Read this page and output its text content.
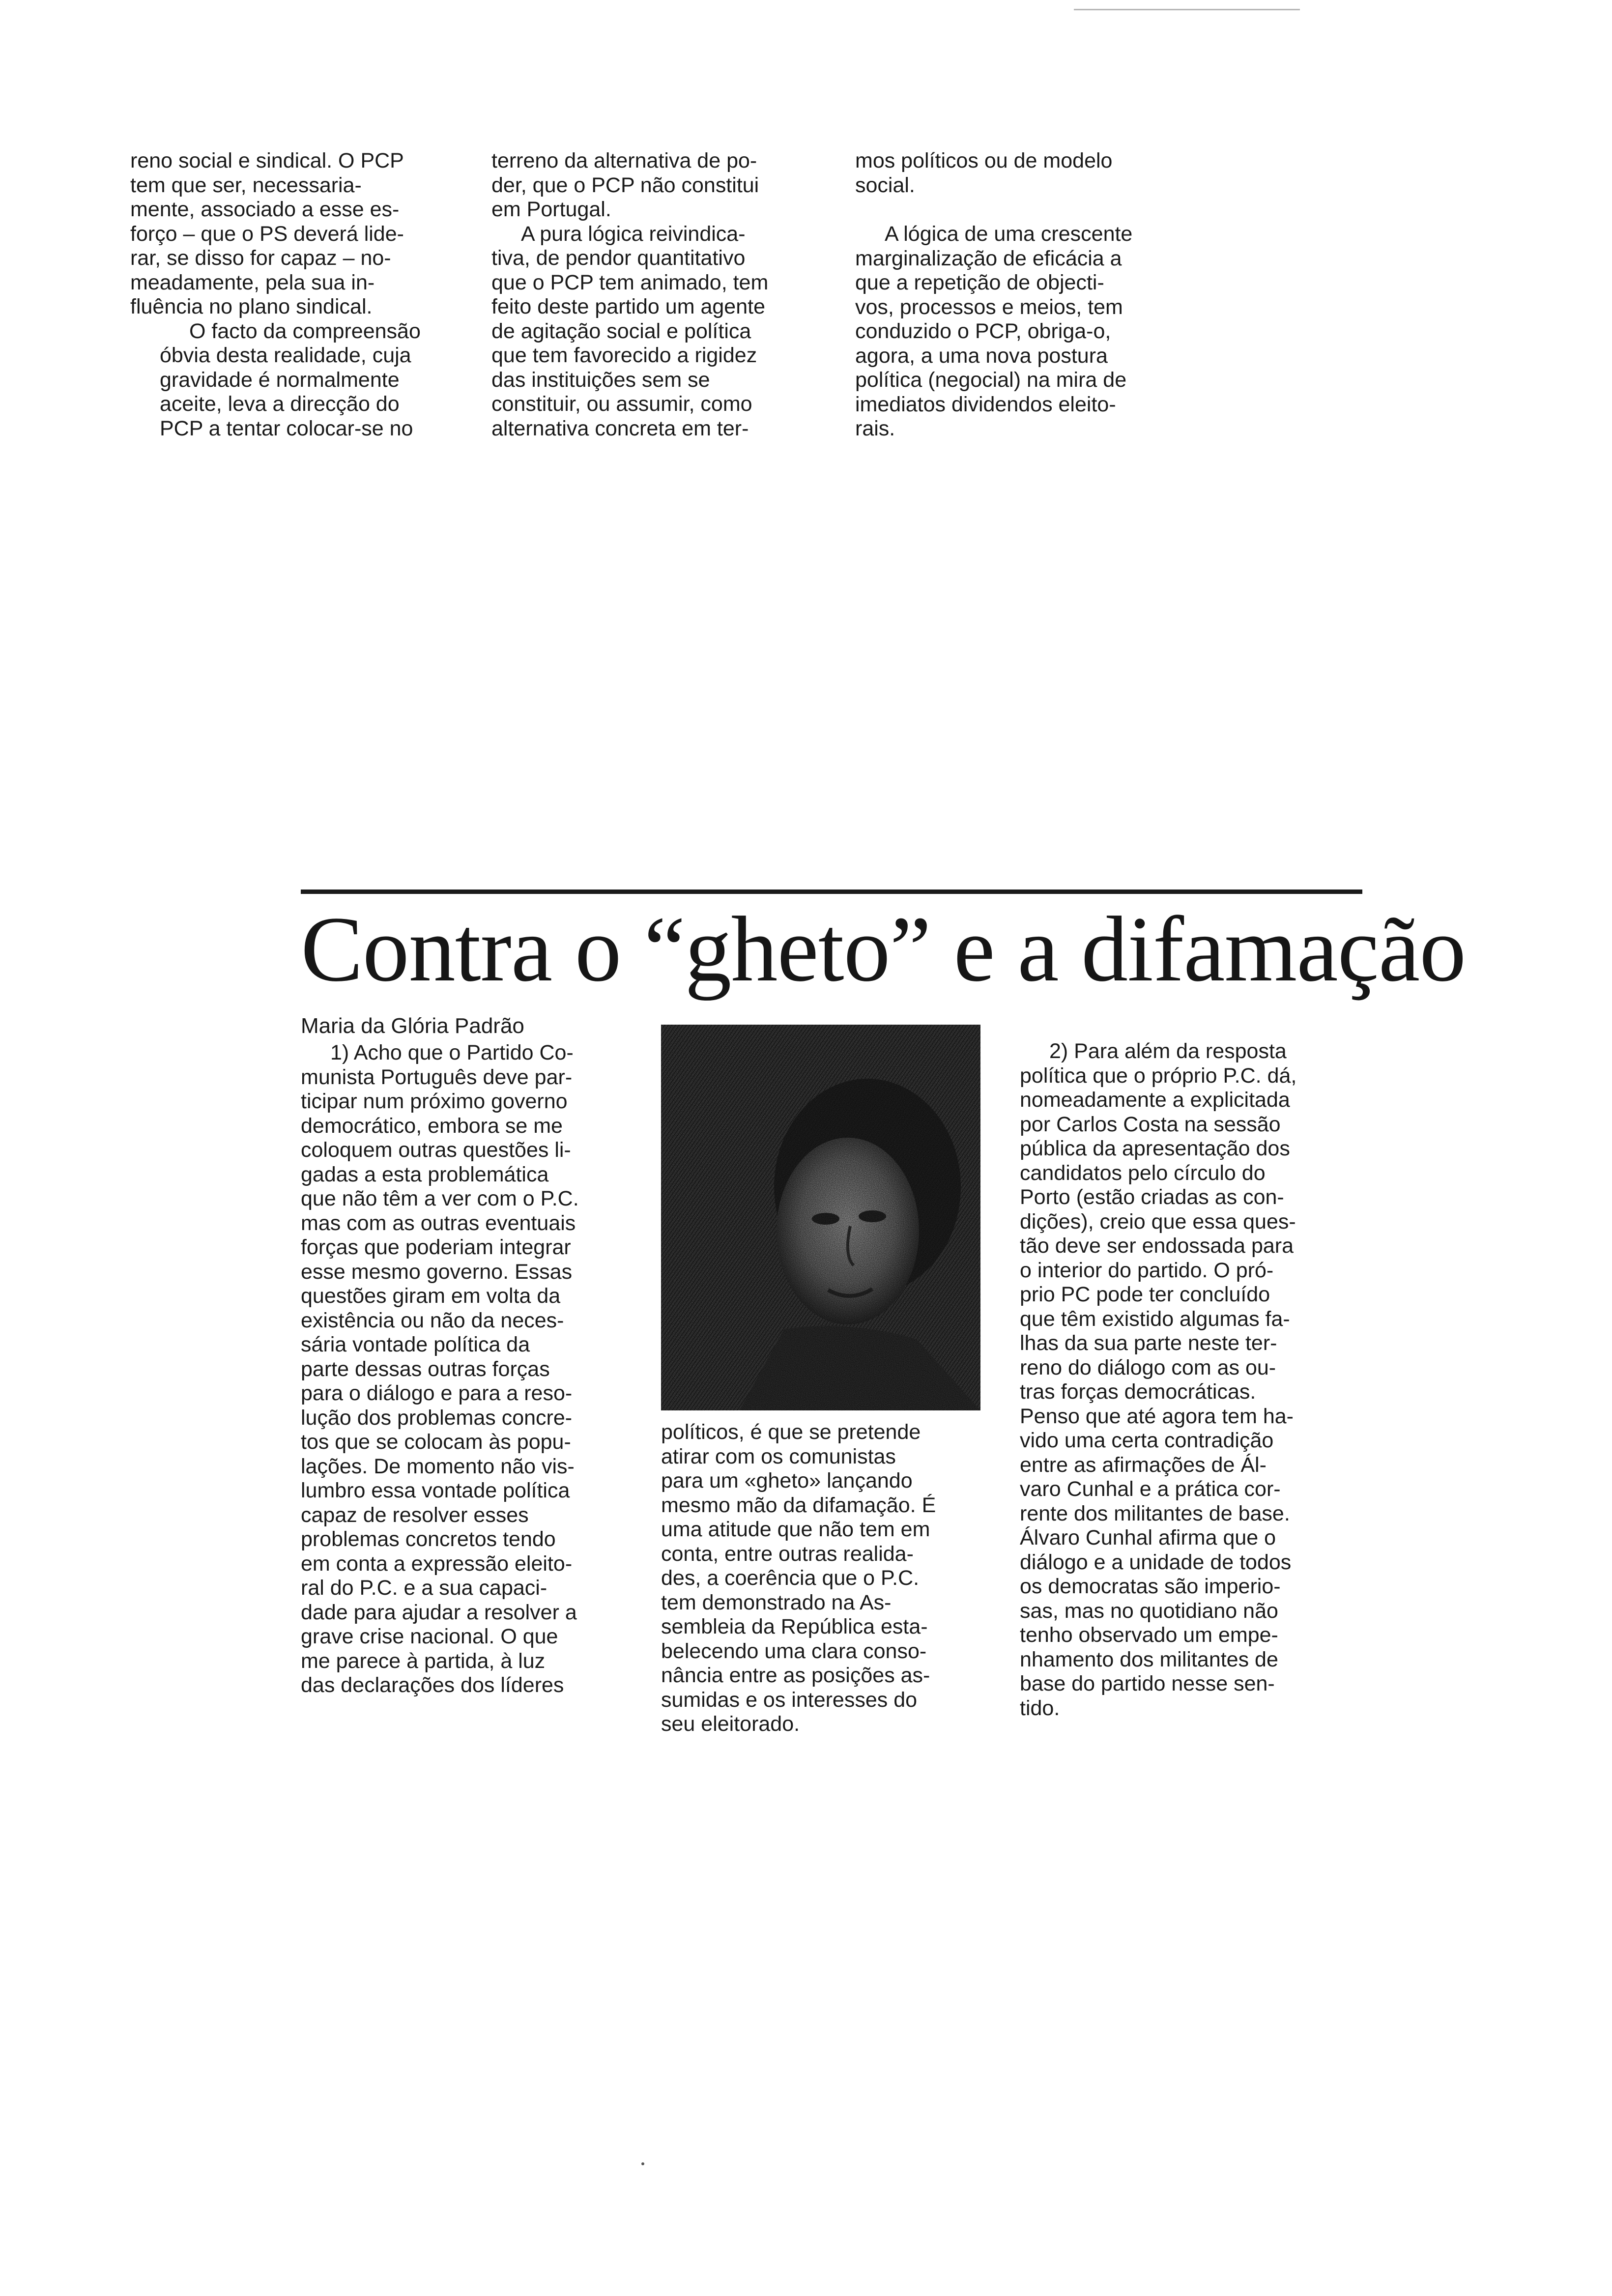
reno social e sindical. O PCP
tem que ser, necessaria-
mente, associado a esse es-
forço – que o PS deverá lide-
rar, se disso for capaz – no-
meadamente, pela sua in-
fluência no plano sindical.

O facto da compreensão
óbvia desta realidade, cuja
gravidade é normalmente
aceite, leva a direcção do
PCP a tentar colocar-se no

terreno da alternativa de po-
der, que o PCP não constitui
em Portugal.

A pura lógica reivindica-
tiva, de pendor quantitativo
que o PCP tem animado, tem
feito deste partido um agente
de agitação social e política
que tem favorecido a rigidez
das instituições sem se
constituir, ou assumir, como
alternativa concreta em ter-

mos políticos ou de modelo
social.

A lógica de uma crescente
marginalização de eficácia a
que a repetição de objecti-
vos, processos e meios, tem
conduzido o PCP, obriga-o,
agora, a uma nova postura
política (negocial) na mira de
imediatos dividendos eleito-
rais.

Contra o “gheto” e a difamação
Maria da Glória Padrão

1) Acho que o Partido Co-
munista Português deve par-
ticipar num próximo governo
democrático, embora se me
coloquem outras questões li-
gadas a esta problemática
que não têm a ver com o P.C.
mas com as outras eventuais
forças que poderiam integrar
esse mesmo governo. Essas
questões giram em volta da
existência ou não da neces-
sária vontade política da
parte dessas outras forças
para o diálogo e para a reso-
lução dos problemas concre-
tos que se colocam às popu-
lações. De momento não vis-
lumbro essa vontade política
capaz de resolver esses
problemas concretos tendo
em conta a expressão eleito-
ral do P.C. e a sua capaci-
dade para ajudar a resolver a
grave crise nacional. O que
me parece à partida, à luz
das declarações dos líderes

políticos, é que se pretende
atirar com os comunistas
para um «gheto» lançando
mesmo mão da difamação. É
uma atitude que não tem em
conta, entre outras realida-
des, a coerência que o P.C.
tem demonstrado na As-
sembleia da República esta-
belecendo uma clara conso-
nância entre as posições as-
sumidas e os interesses do
seu eleitorado.

2) Para além da resposta
política que o próprio P.C. dá,
nomeadamente a explicitada
por Carlos Costa na sessão
pública da apresentação dos
candidatos pelo círculo do
Porto (estão criadas as con-
dições), creio que essa ques-
tão deve ser endossada para
o interior do partido. O pró-
prio PC pode ter concluído
que têm existido algumas fa-
lhas da sua parte neste ter-
reno do diálogo com as ou-
tras forças democráticas.
Penso que até agora tem ha-
vido uma certa contradição
entre as afirmações de Ál-
varo Cunhal e a prática cor-
rente dos militantes de base.
Álvaro Cunhal afirma que o
diálogo e a unidade de todos
os democratas são imperio-
sas, mas no quotidiano não
tenho observado um empe-
nhamento dos militantes de
base do partido nesse sen-
tido.
